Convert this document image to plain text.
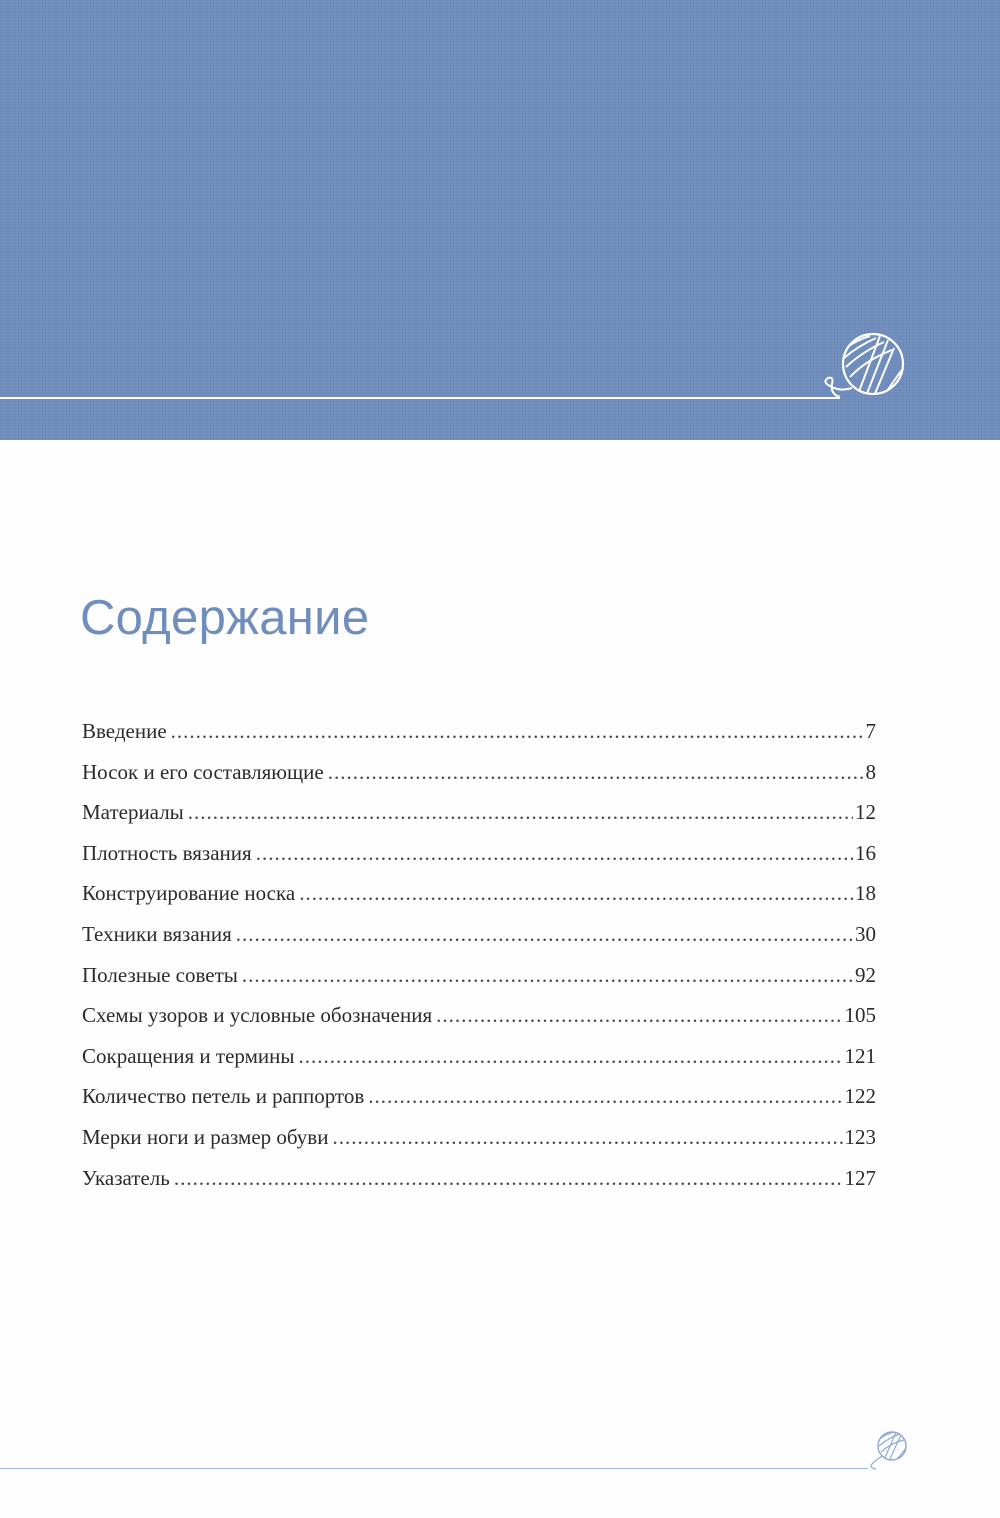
Содержание
Введение .....	7
Носок и его составляющие .....	8
Материалы .....	12
Плотность вязания .....	16
Конструирование носка .....	18
Техники вязания .....	30
Полезные советы .....	92
Схемы узоров и условные обозначения .....	105
Сокращения и термины .....	121
Количество петель и раппортов .....	122
Мерки ноги и размер обуви .....	123
Указатель .....	127
